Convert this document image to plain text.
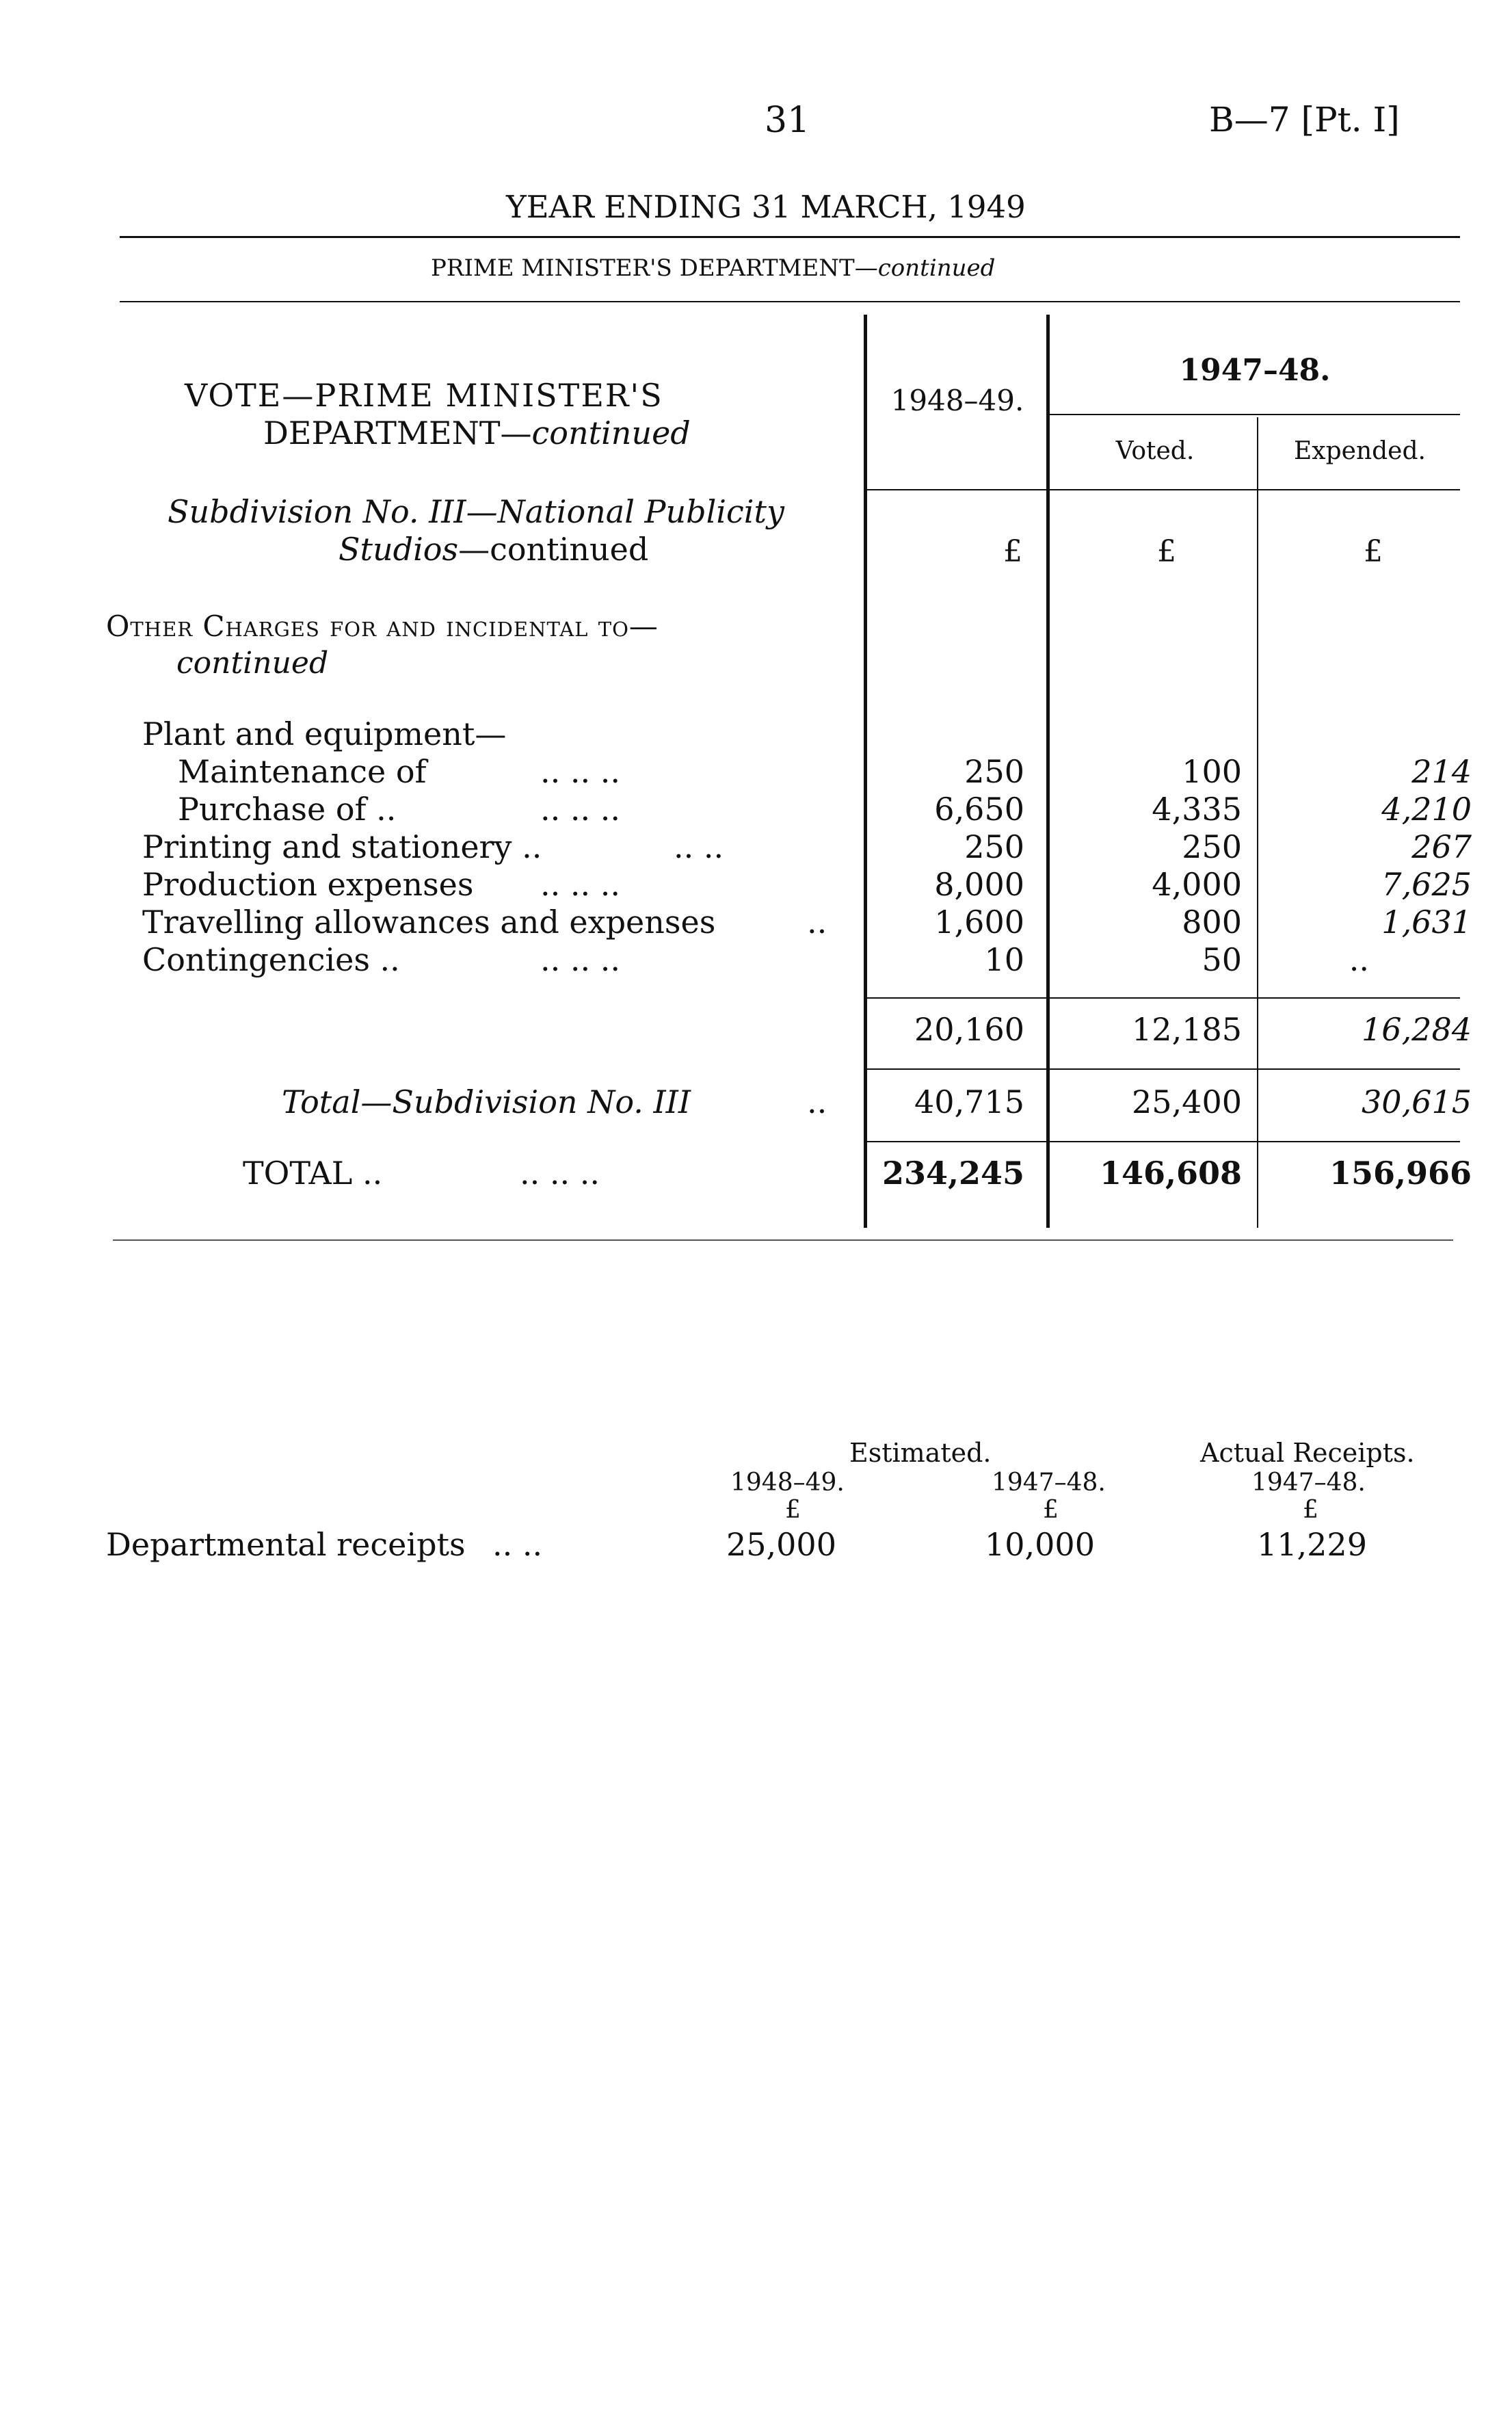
31	B—7 [Pt. I]
YEAR ENDING 31 MARCH, 1949
PRIME MINISTER'S DEPARTMENT—continued
VOTE—PRIME MINISTER'S
DEPARTMENT—continued
1948–49.
1947–48.
Voted.	Expended.
Subdivision No. III—National Publicity
Studios—continued	£	£	£
Other Charges for and incidental to—
continued
Plant and equipment—
Maintenance of	.. .. ..	250	100	214
Purchase of ..	.. .. ..	6,650	4,335	4,210
Printing and stationery ..	.. ..	250	250	267
Production expenses .. .. ..	8,000	4,000	7,625
Travelling allowances and expenses	..	1,600	800	1,631
Contingencies ..	.. .. ..	10	50	..
20,160	12,185	16,284
Total—Subdivision No. III	..	40,715	25,400	30,615
TOTAL ..	.. .. ..	234,245	146,608	156,966
Estimated.	Actual Receipts.
1948–49.	1947–48.	1947–48.
£	£	£
Departmental receipts .. ..	25,000	10,000	11,229
